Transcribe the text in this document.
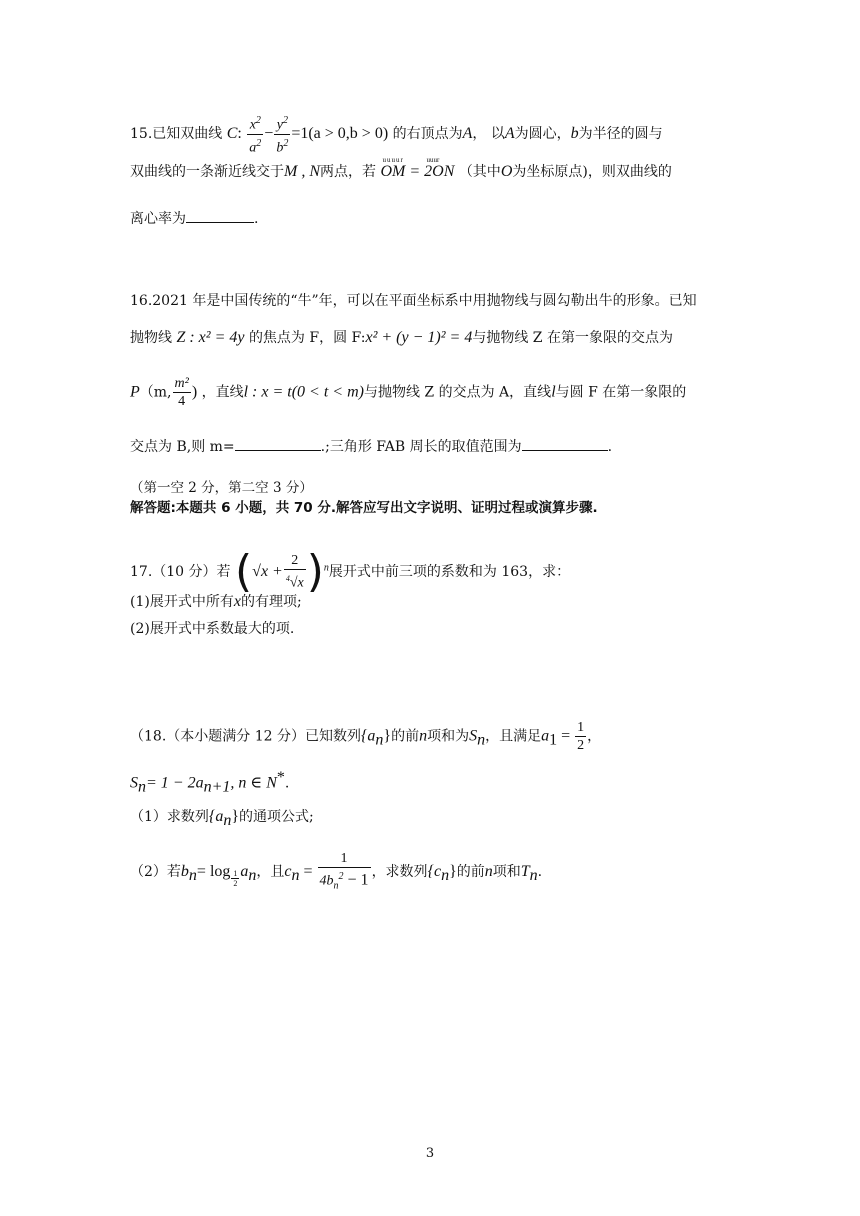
15.已知双曲线 C: $\frac{x^2}{a^2} - \frac{y^2}{b^2} =1(a > 0,b > 0)$ 的右顶点为A， 以A为圆心，b为半径的圆与
双曲线的一条渐近线交于M , N两点，若
uuuur	uuur
OM = 2ON （其中O为坐标原点)，则双曲线的
离心率为	.
16.2021 年是中国传统的“牛”年，可以在平面坐标系中用抛物线与圆勾勒出牛的形象。已知
抛物线 Z : x² = 4y 的焦点为 F，圆 F:x² + (y − 1)² = 4与抛物线 Z 在第一象限的交点为
P（m, $\frac{\text{m²}}{4}$ ) ，直线l : x = t(0 < t < m)与抛物线 Z 的交点为 A，直线l与圆 F 在第一象限的
交点为 B,则 m=	.;三角形 FAB 周长的取值范围为	.
（第一空 2 分，第二空 3 分）
解答题:本题共 6 小题，共 70 分.解答应写出文字说明、证明过程或演算步骤.
17.（10 分）若 $(√x + \frac{2}{^4√x} )^n$展开式中前三项的系数和为 163，求：
(1)展开式中所有x的有理项;
(2)展开式中系数最大的项.
（18.（本小题满分 12 分）已知数列$\{a_n\}$的前n项和为$S_n$，且满足$a_1 = \frac{1}{2}$ ，
$S_n= 1 - 2a_{n+1}$, n ∈ N*.
（1）求数列$\{a_n\}$的通项公式;
（2）若$b_n= \log \frac{1}{2} a_n$，且$c_n = \frac{1}{4b_n^2 - 1}$ ，求数列$\{c_n\}$的前n项和$T_n$.
3
